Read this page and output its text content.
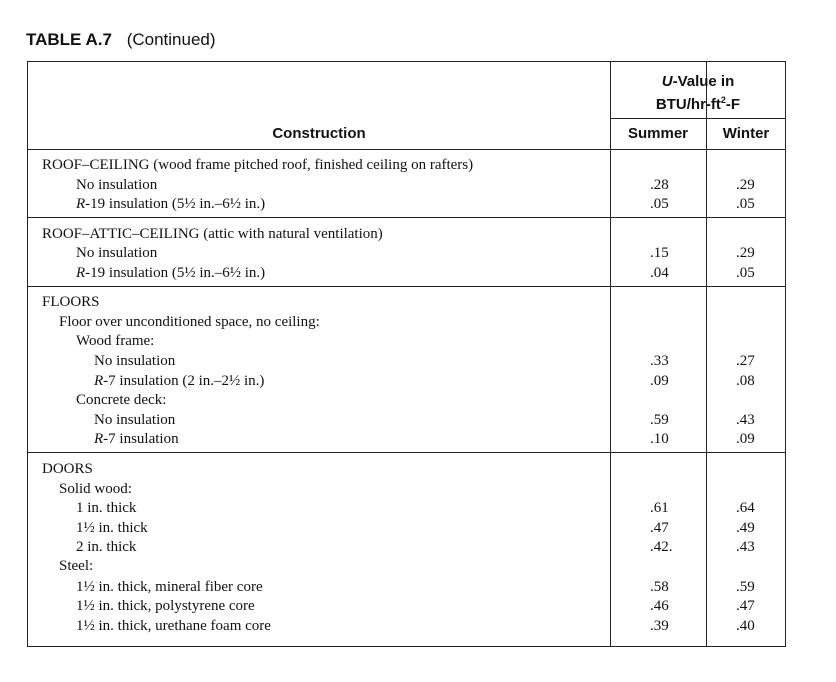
TABLE A.7 (Continued)
U-Value in
BTU/$hr-ft^2-F$
Construction	Summer	Winter
ROOF–CEILING (wood frame pitched roof, finished ceiling on rafters)
No insulation	.28	.29
R-19 insulation (5½ in.–6½ in.)	.05	.05
ROOF–ATTIC–CEILING (attic with natural ventilation)
No insulation	.15	.29
R-19 insulation (5½ in.–6½ in.)	.04	.05
FLOORS
Floor over unconditioned space, no ceiling:
Wood frame:
No insulation	.33	.27
R-7 insulation (2 in.–2½ in.)	.09	.08
Concrete deck:
No insulation	.59	.43
R-7 insulation	.10	.09
DOORS
Solid wood:
1 in. thick	.61	.64
1½ in. thick	.47	.49
2 in. thick	.42.	.43
Steel:
1½ in. thick, mineral fiber core	.58	.59
1½ in. thick, polystyrene core	.46	.47
1½ in. thick, urethane foam core	.39	.40
